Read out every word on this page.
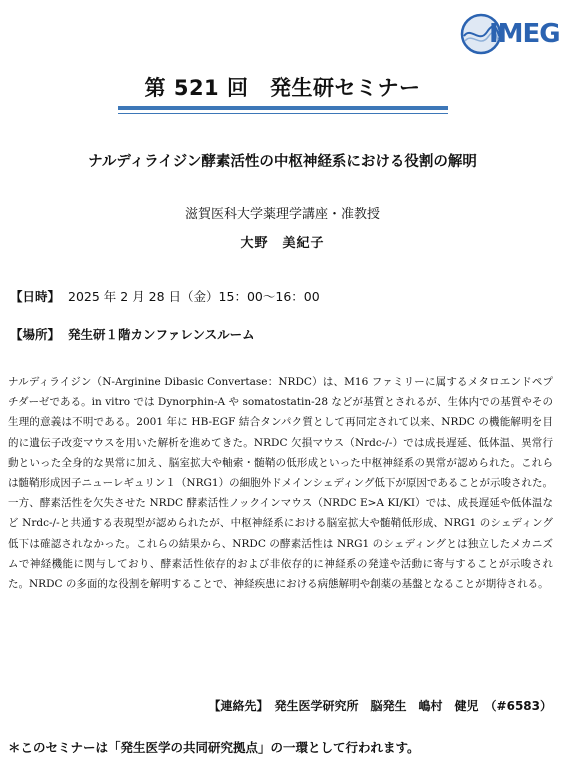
IMEG
第 521 回　発生研セミナー
ナルディライジン酵素活性の中枢神経系における役割の解明
滋賀医科大学薬理学講座・准教授
大野　美紀子
【日時】 2025 年 2 月 28 日（金）15：00〜16：00
【場所】 発生研１階カンファレンスルーム

ナルディライジン（N-Arginine Dibasic Convertase：NRDC）は、M16 ファミリーに属するメタロエンドペプチダーゼである。in vitro では Dynorphin-A や somatostatin-28 などが基質とされるが、生体内での基質やその生理的意義は不明である。2001 年に HB-EGF 結合タンパク質として再同定されて以来、NRDC の機能解明を目的に遺伝子改変マウスを用いた解析を進めてきた。NRDC 欠損マウス（Nrdc-/-）では成長遅延、低体温、異常行動といった全身的な異常に加え、脳室拡大や軸索・髄鞘の低形成といった中枢神経系の異常が認められた。これらは髄鞘形成因子ニューレギュリン１（NRG1）の細胞外ドメインシェディング低下が原因であることが示唆された。一方、酵素活性を欠失させた NRDC 酵素活性ノックインマウス（NRDC E>A KI/KI）では、成長遅延や低体温など Nrdc-/-と共通する表現型が認められたが、中枢神経系における脳室拡大や髄鞘低形成、NRG1 のシェディング低下は確認されなかった。これらの結果から、NRDC の酵素活性は NRG1 のシェディングとは独立したメカニズムで神経機能に関与しており、酵素活性依存的および非依存的に神経系の発達や活動に寄与することが示唆された。NRDC の多面的な役割を解明することで、神経疾患における病態解明や創薬の基盤となることが期待される。

【連絡先】　発生医学研究所　脳発生　嶋村　健児　（#6583）
＊このセミナーは「発生医学の共同研究拠点」の一環として行われます。
